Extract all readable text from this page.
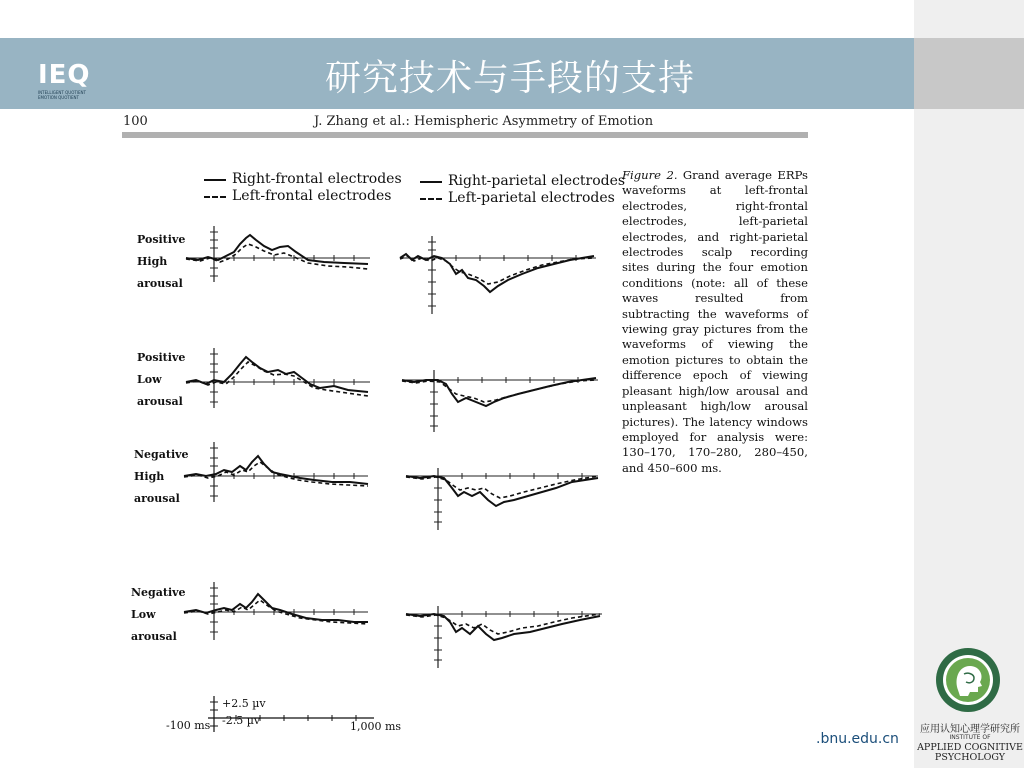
IEQ
INTELLIGENT QUOTIENT EMOTION QUOTIENT	研究技术与手段的支持
100	J. Zhang et al.: Hemispheric Asymmetry of Emotion
Right-frontal electrodes
Left-frontal electrodes
Right-parietal electrodes
Left-parietal electrodes
Figure 2. Grand average ERPs waveforms at left-frontal electrodes, right-frontal electrodes, left-parietal electrodes, and right-parietal electrodes scalp recording sites during the four emotion conditions (note: all of these waves resulted from subtracting the waveforms of viewing gray pictures from the waveforms of viewing the emotion pictures to obtain the difference epoch of viewing pleasant high/low arousal and unpleasant high/low arousal pictures). The latency windows employed for analysis were: 130–170, 170–280, 280–450, and 450–600 ms.
Positive
High
arousal
Positive
Low
arousal
Negative
High
arousal
Negative
Low
arousal
+2.5 µv
-2.5 µv
-100 ms	1,000 ms
.bnu.edu.cn
应用认知心理学研究所
INSTITUTE OF
APPLIED COGNITIVE
PSYCHOLOGY
